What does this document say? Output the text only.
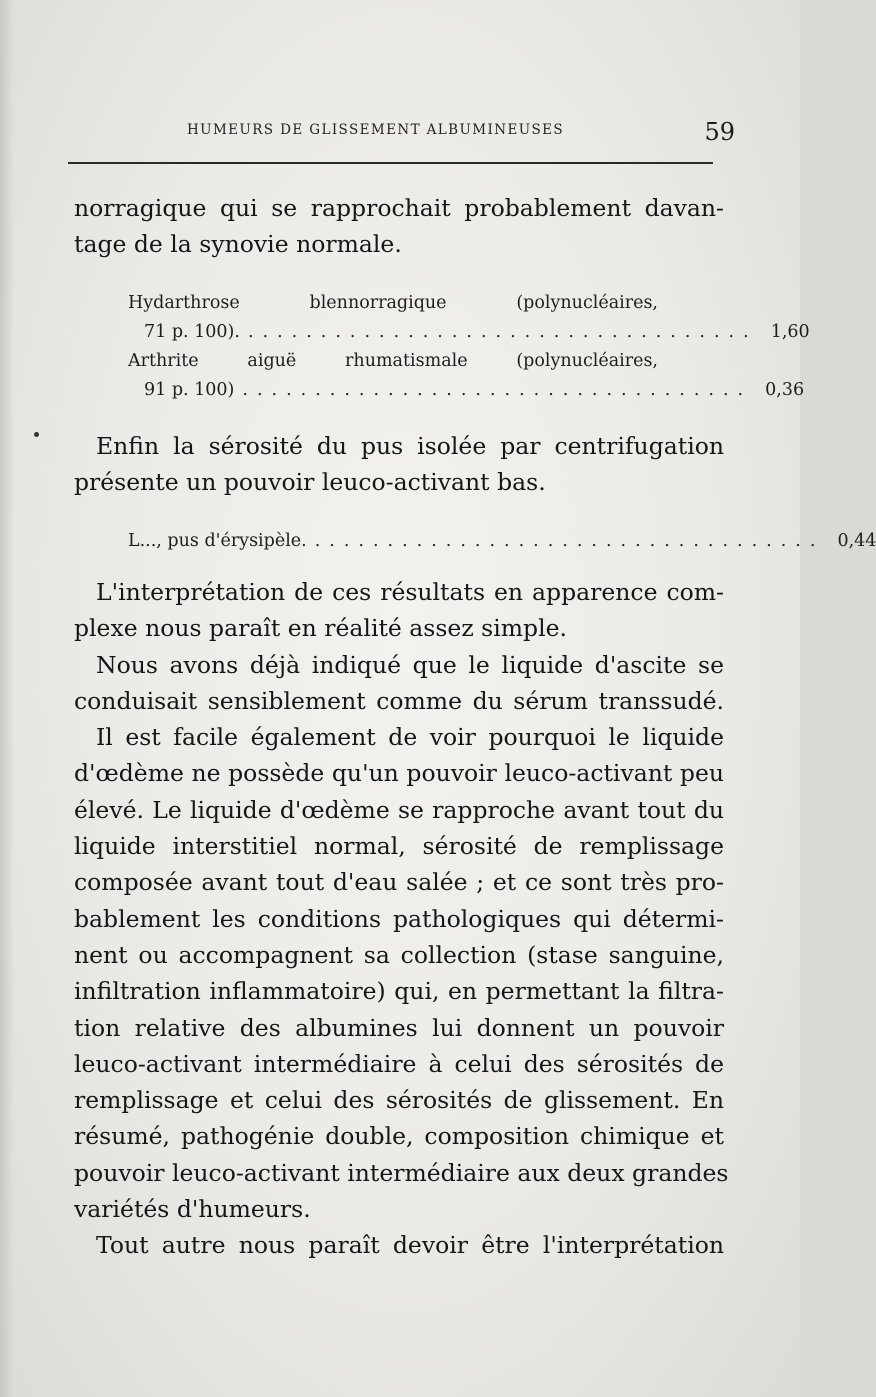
HUMEURS DE GLISSEMENT ALBUMINEUSES	59
norragique qui se rapprochait probablement davan-
tage de la synovie normale.
Hydarthrose blennorragique (polynucléaires,
71 p. 100). ................................... 1,60
Arthrite aiguë rhumatismale (polynucléaires,
91 p. 100) ................................... 0,36
Enfin la sérosité du pus isolée par centrifugation
présente un pouvoir leuco-activant bas.
L..., pus d'érysipèle. ................................... 0,44
L'interprétation de ces résultats en apparence com-
plexe nous paraît en réalité assez simple.
Nous avons déjà indiqué que le liquide d'ascite se
conduisait sensiblement comme du sérum transsudé.
Il est facile également de voir pourquoi le liquide
d'œdème ne possède qu'un pouvoir leuco-activant peu
élevé. Le liquide d'œdème se rapproche avant tout du
liquide interstitiel normal, sérosité de remplissage
composée avant tout d'eau salée ; et ce sont très pro-
bablement les conditions pathologiques qui détermi-
nent ou accompagnent sa collection (stase sanguine,
infiltration inflammatoire) qui, en permettant la filtra-
tion relative des albumines lui donnent un pouvoir
leuco-activant intermédiaire à celui des sérosités de
remplissage et celui des sérosités de glissement. En
résumé, pathogénie double, composition chimique et
pouvoir leuco-activant intermédiaire aux deux grandes
variétés d'humeurs.
Tout autre nous paraît devoir être l'interprétation
